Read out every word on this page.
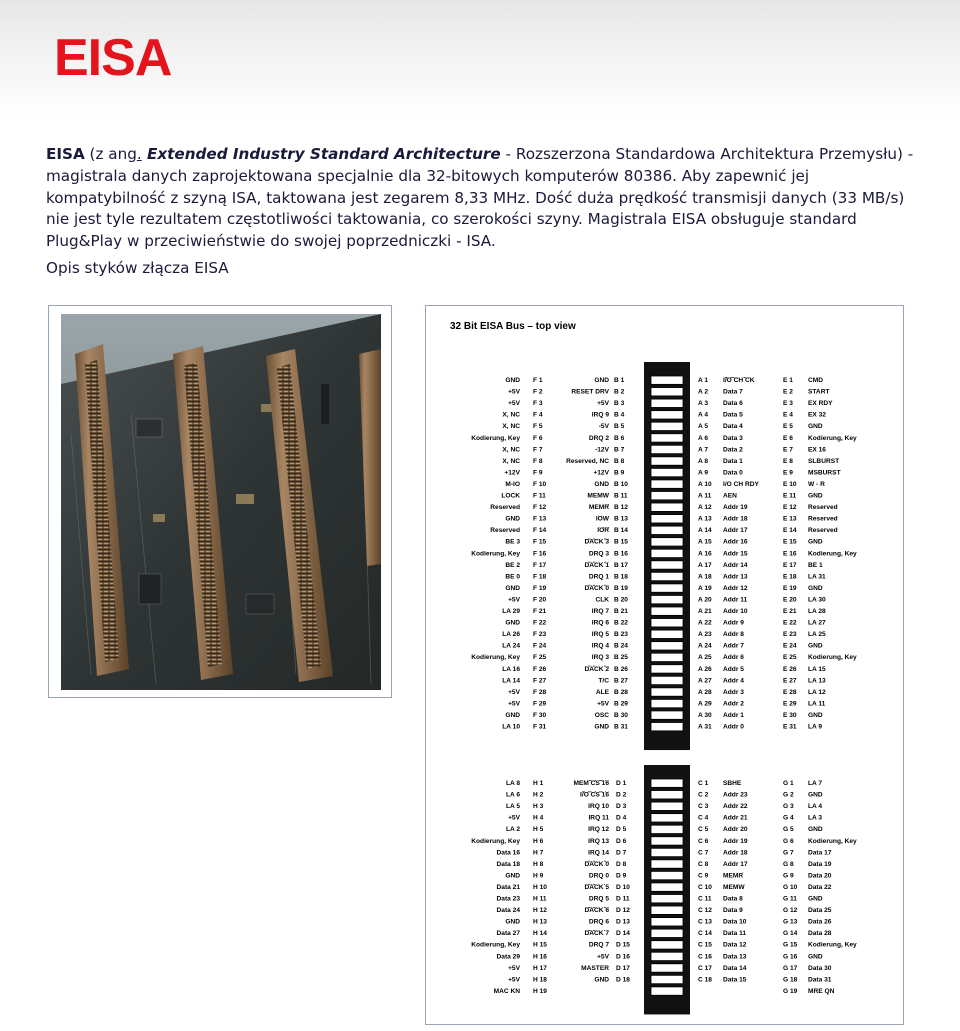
EISA

EISA (z ang. Extended Industry Standard Architecture - Rozszerzona Standardowa Architektura Przemysłu) - magistrala danych zaprojektowana specjalnie dla 32-bitowych komputerów 80386. Aby zapewnić jej kompatybilność z szyną ISA, taktowana jest zegarem 8,33 MHz. Dość duża prędkość transmisji danych (33 MB/s) nie jest tyle rezultatem częstotliwości taktowania, co szerokości szyny. Magistrala EISA obsługuje standard Plug&Play w przeciwieństwie do swojej poprzedniczki - ISA.

Opis styków złącza EISA

32 Bit EISA Bus – top view
GND F 1
+5V F 2
+5V F 3
X, NC F 4
X, NC F 5
Kodierung, Key F 6
X, NC F 7
X, NC F 8
+12V F 9
M-IO F 10
LOCK F 11
Reserved F 12
GND F 13
Reserved F 14
BE 3 F 15
Kodierung, Key F 16
BE 2 F 17
BE 0 F 18
GND F 19
+5V F 20
LA 29 F 21
GND F 22
LA 26 F 23
LA 24 F 24
Kodierung, Key F 25
LA 16 F 26
LA 14 F 27
+5V F 28
+5V F 29
GND F 30
LA 10 F 31
GND B 1
RESET DRV B 2
+5V B 3
IRQ 9 B 4
-5V B 5
DRQ 2 B 6
-12V B 7
Reserved, NC B 8
+12V B 9
GND B 10
MEMW B 11
MEMR B 12
IOW B 13
IOR B 14
DACK 3 B 15
DRQ 3 B 16
DACK 1 B 17
DRQ 1 B 18
DACK 0 B 19
CLK B 20
IRQ 7 B 21
IRQ 6 B 22
IRQ 5 B 23
IRQ 4 B 24
IRQ 3 B 25
DACK 2 B 26
T/C B 27
ALE B 28
+5V B 29
OSC B 30
GND B 31
A 1 I/O CH CK
A 2 Data 7
A 3 Data 6
A 4 Data 5
A 5 Data 4
A 6 Data 3
A 7 Data 2
A 8 Data 1
A 9 Data 0
A 10 I/O CH RDY
A 11 AEN
A 12 Addr 19
A 13 Addr 18
A 14 Addr 17
A 15 Addr 16
A 16 Addr 15
A 17 Addr 14
A 18 Addr 13
A 19 Addr 12
A 20 Addr 11
A 21 Addr 10
A 22 Addr 9
A 23 Addr 8
A 24 Addr 7
A 25 Addr 6
A 26 Addr 5
A 27 Addr 4
A 28 Addr 3
A 29 Addr 2
A 30 Addr 1
A 31 Addr 0
E 1 CMD
E 2 START
E 3 EX RDY
E 4 EX 32
E 5 GND
E 6 Kodierung, Key
E 7 EX 16
E 8 SLBURST
E 9 MSBURST
E 10 W - R
E 11 GND
E 12 Reserved
E 13 Reserved
E 14 Reserved
E 15 GND
E 16 Kodierung, Key
E 17 BE 1
E 18 LA 31
E 19 GND
E 20 LA 30
E 21 LA 28
E 22 LA 27
E 23 LA 25
E 24 GND
E 25 Kodierung, Key
E 26 LA 15
E 27 LA 13
E 28 LA 12
E 29 LA 11
E 30 GND
E 31 LA 9
LA 8 H 1
LA 6 H 2
LA 5 H 3
+5V H 4
LA 2 H 5
Kodierung, Key H 6
Data 16 H 7
Data 18 H 8
GND H 9
Data 21 H 10
Data 23 H 11
Data 24 H 12
GND H 13
Data 27 H 14
Kodierung, Key H 15
Data 29 H 16
+5V H 17
+5V H 18
MAC KN H 19
MEM CS 16 D 1
I/O CS 16 D 2
IRQ 10 D 3
IRQ 11 D 4
IRQ 12 D 5
IRQ 13 D 6
IRQ 14 D 7
DACK 0 D 8
DRQ 0 D 9
DACK 5 D 10
DRQ 5 D 11
DACK 6 D 12
DRQ 6 D 13
DACK 7 D 14
DRQ 7 D 15
+5V D 16
MASTER D 17
GND D 18
C 1 SBHE
C 2 Addr 23
C 3 Addr 22
C 4 Addr 21
C 5 Addr 20
C 6 Addr 19
C 7 Addr 18
C 8 Addr 17
C 9 MEMR
C 10 MEMW
C 11 Data 8
C 12 Data 9
C 13 Data 10
C 14 Data 11
C 15 Data 12
C 16 Data 13
C 17 Data 14
C 18 Data 15
G 1 LA 7
G 2 GND
G 3 LA 4
G 4 LA 3
G 5 GND
G 6 Kodierung, Key
G 7 Data 17
G 8 Data 19
G 9 Data 20
G 10 Data 22
G 11 GND
G 12 Data 25
G 13 Data 26
G 14 Data 28
G 15 Kodierung, Key
G 16 GND
G 17 Data 30
G 18 Data 31
G 19 MRE QN
